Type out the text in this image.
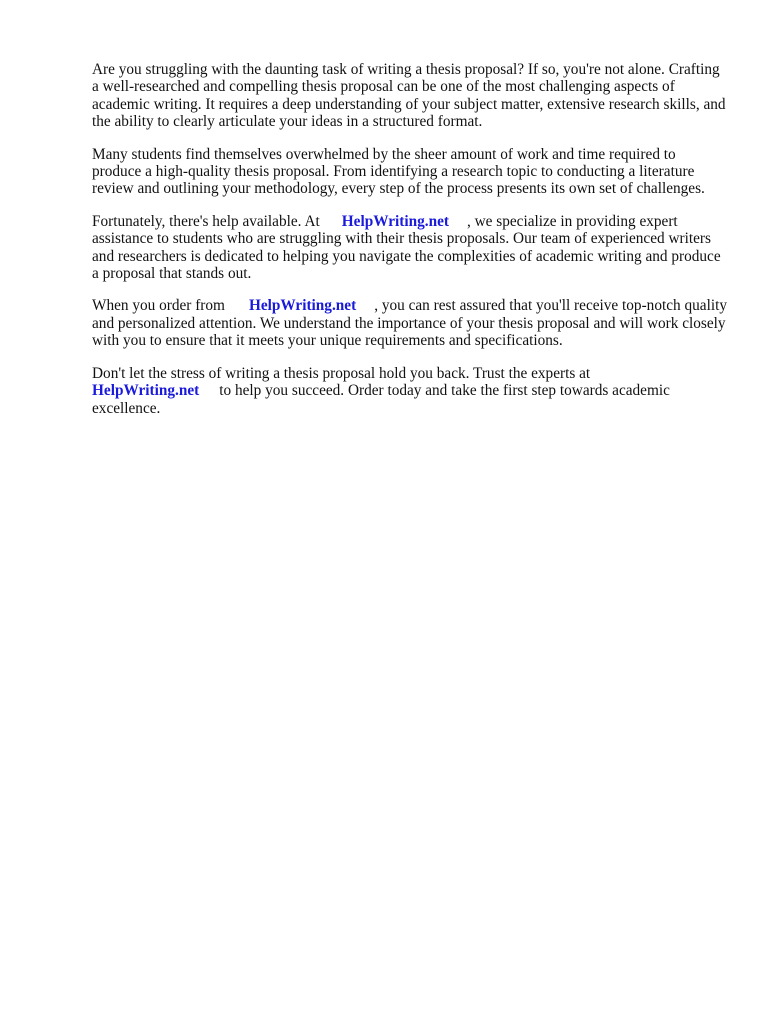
Are you struggling with the daunting task of writing a thesis proposal? If so, you're not alone. Crafting a well-researched and compelling thesis proposal can be one of the most challenging aspects of academic writing. It requires a deep understanding of your subject matter, extensive research skills, and the ability to clearly articulate your ideas in a structured format.

Many students find themselves overwhelmed by the sheer amount of work and time required to produce a high-quality thesis proposal. From identifying a research topic to conducting a literature review and outlining your methodology, every step of the process presents its own set of challenges.

Fortunately, there's help available. At HelpWriting.net , we specialize in providing expert assistance to students who are struggling with their thesis proposals. Our team of experienced writers and researchers is dedicated to helping you navigate the complexities of academic writing and produce a proposal that stands out.

When you order from HelpWriting.net , you can rest assured that you'll receive top-notch quality and personalized attention. We understand the importance of your thesis proposal and will work closely with you to ensure that it meets your unique requirements and specifications.

Don't let the stress of writing a thesis proposal hold you back. Trust the experts at HelpWriting.net to help you succeed. Order today and take the first step towards academic excellence.
